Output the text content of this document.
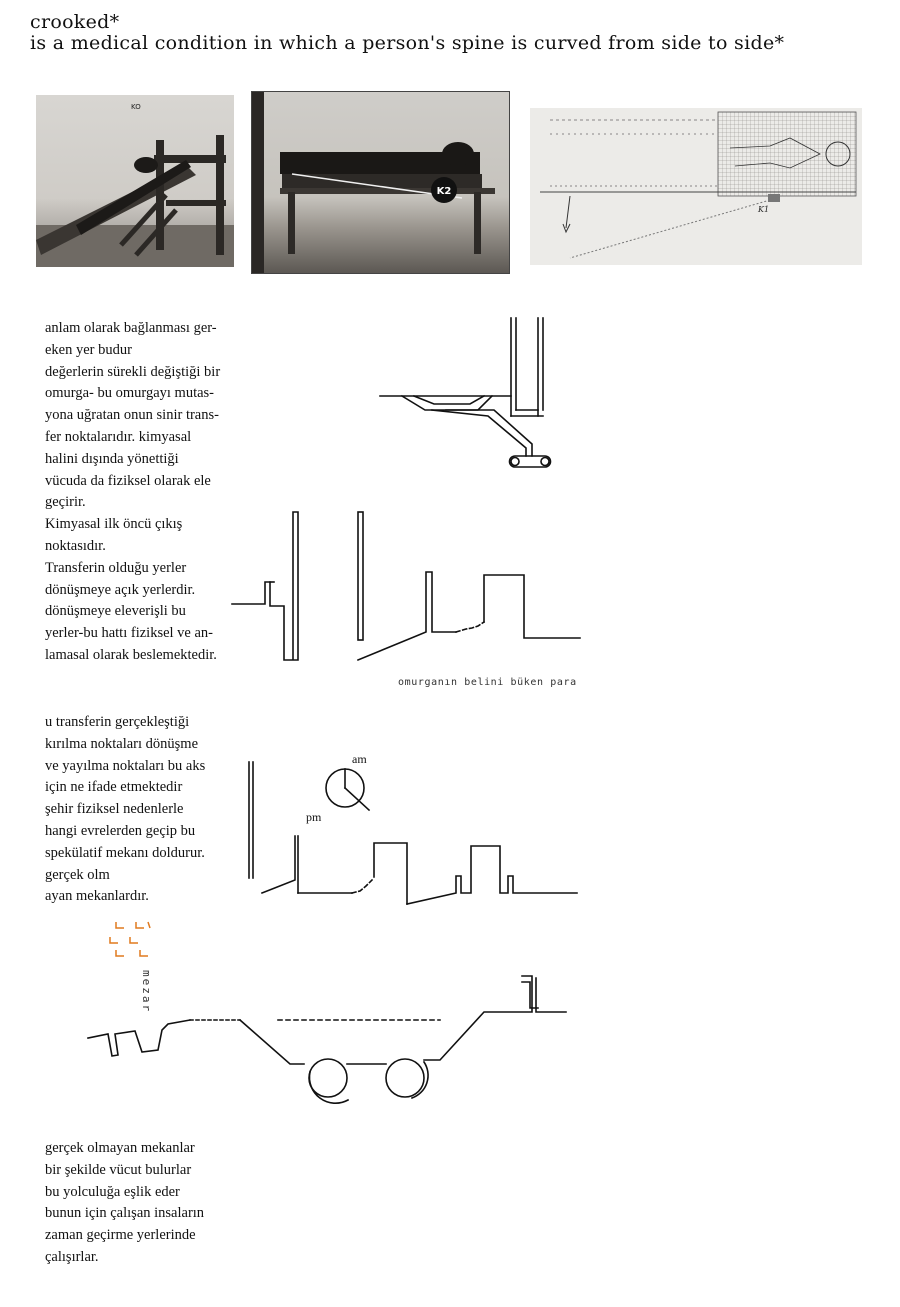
crooked*
is a medical condition in which a person's spine is curved from side to side*
KO
K2
K1
anlam olarak bağlanması ger-
eken yer budur
değerlerin sürekli değiştiği bir
omurga- bu omurgayı mutas-
yona uğratan onun sinir trans-
fer noktalarıdır. kimyasal
halini dışında yönettiği
vücuda da fiziksel olarak ele
geçirir.
Kimyasal ilk öncü çıkış
noktasıdır.
Transferin olduğu yerler
dönüşmeye açık yerlerdir.
dönüşmeye eleverişli bu
yerler-bu hattı fiziksel ve an-
lamasal olarak beslemektedir.
u transferin gerçekleştiği
kırılma noktaları dönüşme
ve yayılma noktaları bu aks
için ne ifade etmektedir
şehir fiziksel nedenlerle
hangi evrelerden geçip bu
spekülatif mekanı doldurur.
gerçek olm
ayan mekanlardır.
gerçek olmayan mekanlar
bir şekilde vücut bulurlar
bu yolculuğa eşlik eder
bunun için çalışan insaların
zaman geçirme yerlerinde
çalışırlar.
omurganın belini büken para
mezar
am
pm
